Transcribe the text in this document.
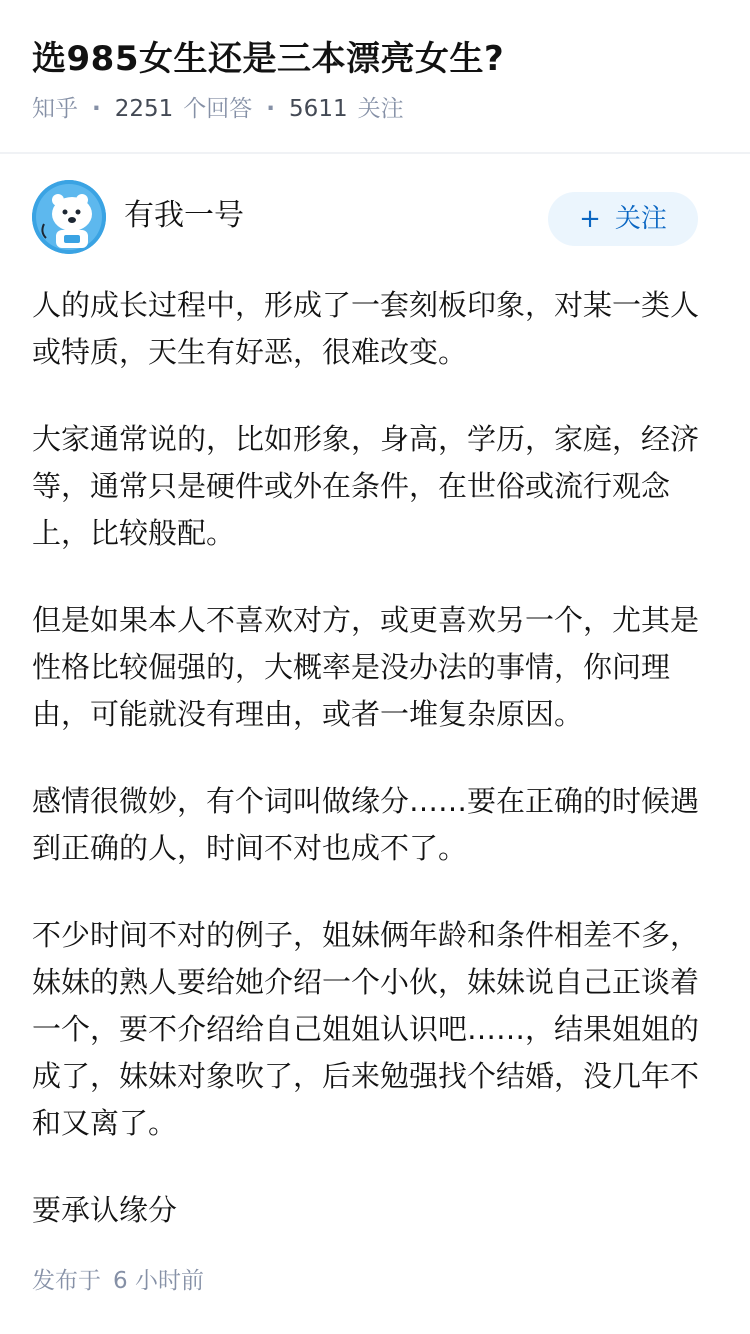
选985女生还是三本漂亮女生?
知乎 · 2251 个回答 · 5611 关注
有我一号	+ 关注

人的成长过程中，形成了一套刻板印象，对某一类人或特质，天生有好恶，很难改变。

大家通常说的，比如形象，身高，学历，家庭，经济等，通常只是硬件或外在条件，在世俗或流行观念上，比较般配。

但是如果本人不喜欢对方，或更喜欢另一个，尤其是性格比较倔强的，大概率是没办法的事情，你问理由，可能就没有理由，或者一堆复杂原因。

感情很微妙，有个词叫做缘分……要在正确的时候遇到正确的人，时间不对也成不了。

不少时间不对的例子，姐妹俩年龄和条件相差不多，妹妹的熟人要给她介绍一个小伙，妹妹说自己正谈着一个，要不介绍给自己姐姐认识吧……，结果姐姐的成了，妹妹对象吹了，后来勉强找个结婚，没几年不和又离了。

要承认缘分

发布于 6 小时前
